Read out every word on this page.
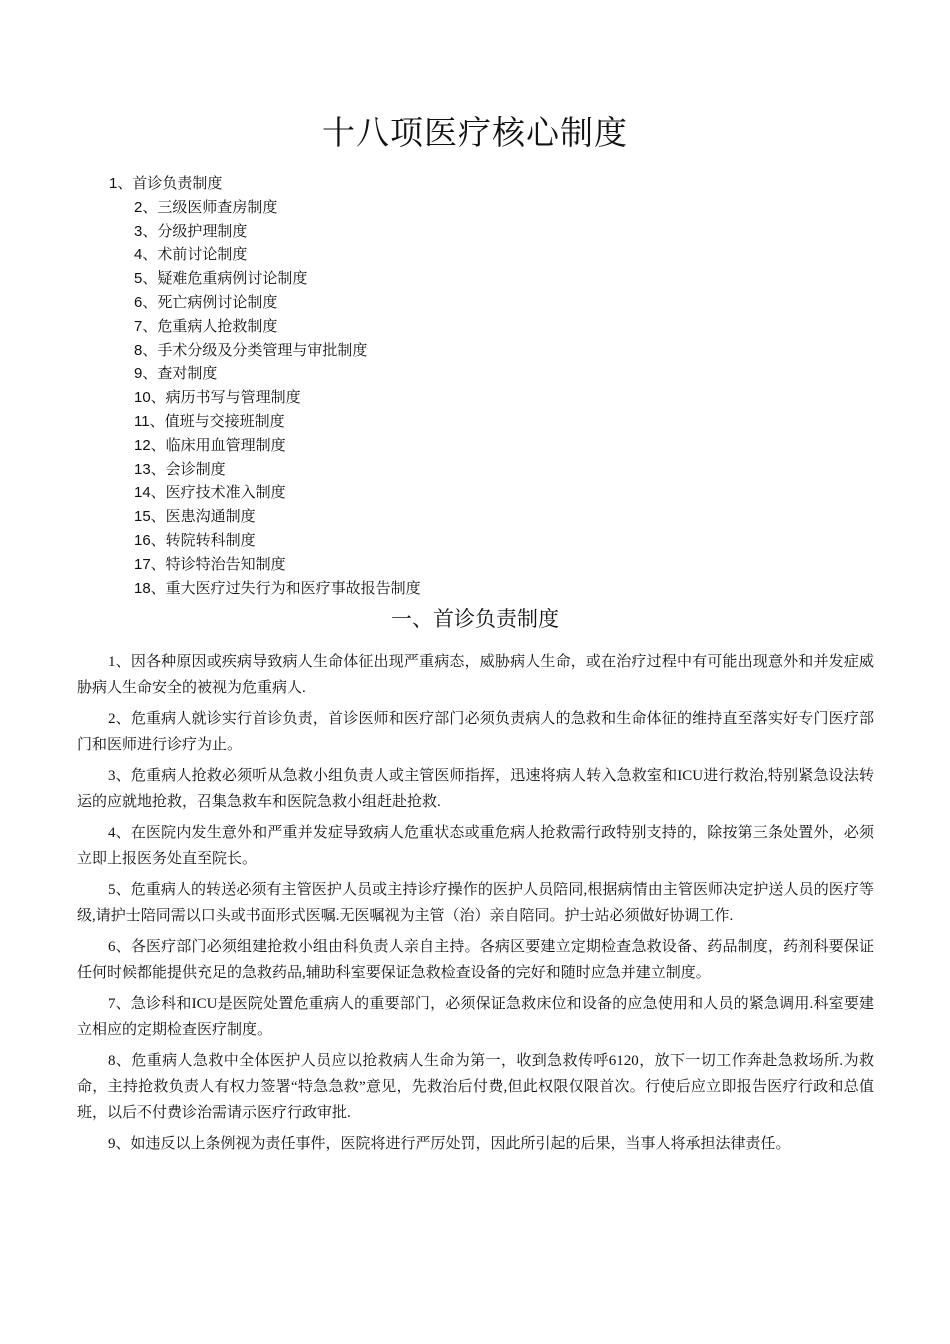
十八项医疗核心制度
1、首诊负责制度
2、三级医师查房制度
3、分级护理制度
4、术前讨论制度
5、疑难危重病例讨论制度
6、死亡病例讨论制度
7、危重病人抢救制度
8、手术分级及分类管理与审批制度
9、查对制度
10、病历书写与管理制度
11、值班与交接班制度
12、临床用血管理制度
13、会诊制度
14、医疗技术准入制度
15、医患沟通制度
16、转院转科制度
17、特诊特治告知制度
18、重大医疗过失行为和医疗事故报告制度
一、首诊负责制度

1、因各种原因或疾病导致病人生命体征出现严重病态，威胁病人生命，或在治疗过程中有可能出现意外和并发症威胁病人生命安全的被视为危重病人.

2、危重病人就诊实行首诊负责，首诊医师和医疗部门必须负责病人的急救和生命体征的维持直至落实好专门医疗部门和医师进行诊疗为止。

3、危重病人抢救必须听从急救小组负责人或主管医师指挥，迅速将病人转入急救室和ICU进行救治,特别紧急设法转运的应就地抢救，召集急救车和医院急救小组赶赴抢救.

4、在医院内发生意外和严重并发症导致病人危重状态或重危病人抢救需行政特别支持的，除按第三条处置外，必须立即上报医务处直至院长。

5、危重病人的转送必须有主管医护人员或主持诊疗操作的医护人员陪同,根据病情由主管医师决定护送人员的医疗等级,请护士陪同需以口头或书面形式医嘱.无医嘱视为主管（治）亲自陪同。护士站必须做好协调工作.

6、各医疗部门必须组建抢救小组由科负责人亲自主持。各病区要建立定期检查急救设备、药品制度，药剂科要保证任何时候都能提供充足的急救药品,辅助科室要保证急救检查设备的完好和随时应急并建立制度。

7、急诊科和ICU是医院处置危重病人的重要部门，必须保证急救床位和设备的应急使用和人员的紧急调用.科室要建立相应的定期检查医疗制度。

8、危重病人急救中全体医护人员应以抢救病人生命为第一，收到急救传呼6120，放下一切工作奔赴急救场所.为救命，主持抢救负责人有权力签署“特急急救”意见，先救治后付费,但此权限仅限首次。行使后应立即报告医疗行政和总值班，以后不付费诊治需请示医疗行政审批.

9、如违反以上条例视为责任事件，医院将进行严厉处罚，因此所引起的后果，当事人将承担法律责任。
